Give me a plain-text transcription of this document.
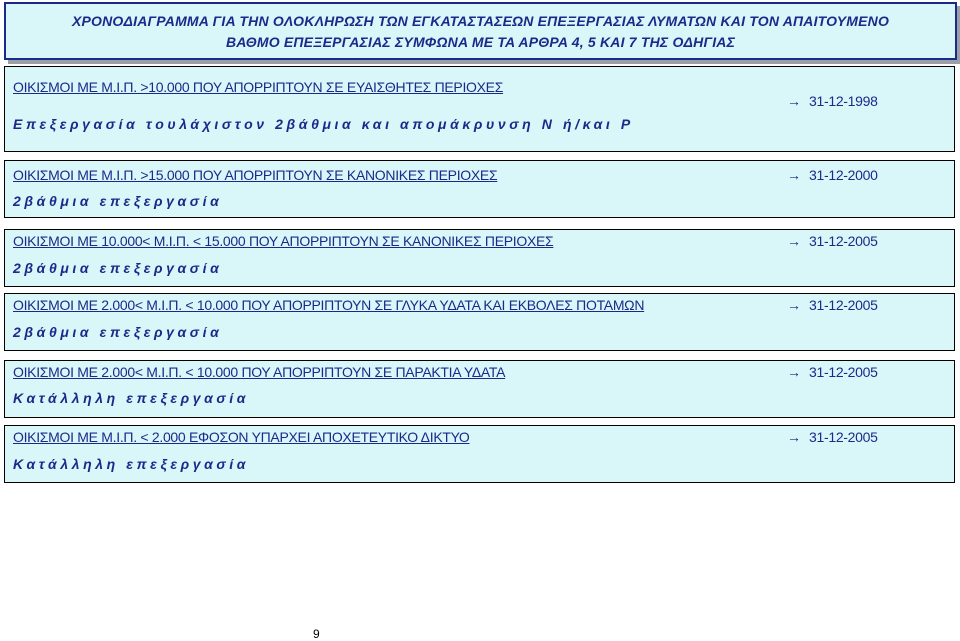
ΧΡΟΝΟΔΙΑΓΡΑΜΜΑ ΓΙΑ ΤΗΝ ΟΛΟΚΛΗΡΩΣΗ ΤΩΝ ΕΓΚΑΤΑΣΤΑΣΕΩΝ ΕΠΕΞΕΡΓΑΣΙΑΣ ΛΥΜΑΤΩΝ ΚΑΙ ΤΟΝ ΑΠΑΙΤΟΥΜΕΝΟ
ΒΑΘΜΟ ΕΠΕΞΕΡΓΑΣΙΑΣ ΣΥΜΦΩΝΑ ΜΕ ΤΑ ΑΡΘΡΑ 4, 5 ΚΑΙ 7 ΤΗΣ ΟΔΗΓΙΑΣ
ΟΙΚΙΣΜΟΙ ΜΕ Μ.Ι.Π. >10.000 ΠΟΥ ΑΠΟΡΡΙΠΤΟΥΝ ΣΕ ΕΥΑΙΣΘΗΤΕΣ ΠΕΡΙΟΧΕΣ
Επεξεργασία τουλάχιστον 2βάθμια και απομάκρυνση Ν ή/και Ρ
→ 31-12-1998
ΟΙΚΙΣΜΟΙ ΜΕ Μ.Ι.Π. >15.000 ΠΟΥ ΑΠΟΡΡΙΠΤΟΥΝ ΣΕ ΚΑΝΟΝΙΚΕΣ ΠΕΡΙΟΧΕΣ
2βάθμια επεξεργασία
→ 31-12-2000
ΟΙΚΙΣΜΟΙ ΜΕ 10.000< Μ.Ι.Π. < 15.000 ΠΟΥ ΑΠΟΡΡΙΠΤΟΥΝ ΣΕ ΚΑΝΟΝΙΚΕΣ ΠΕΡΙΟΧΕΣ
2βάθμια επεξεργασία
→ 31-12-2005
ΟΙΚΙΣΜΟΙ ΜΕ 2.000< Μ.Ι.Π. < 10.000 ΠΟΥ ΑΠΟΡΡΙΠΤΟΥΝ ΣΕ ΓΛΥΚΑ ΥΔΑΤΑ ΚΑΙ ΕΚΒΟΛΕΣ ΠΟΤΑΜΩΝ
2βάθμια επεξεργασία
→ 31-12-2005
ΟΙΚΙΣΜΟΙ ΜΕ 2.000< Μ.Ι.Π. < 10.000 ΠΟΥ ΑΠΟΡΡΙΠΤΟΥΝ ΣΕ ΠΑΡΑΚΤΙΑ ΥΔΑΤΑ
Κατάλληλη επεξεργασία
→ 31-12-2005
ΟΙΚΙΣΜΟΙ ΜΕ Μ.Ι.Π. < 2.000 ΕΦΟΣΟΝ ΥΠΑΡΧΕΙ ΑΠΟΧΕΤΕΥΤΙΚΟ ΔΙΚΤΥΟ
Κατάλληλη επεξεργασία
→ 31-12-2005
9
